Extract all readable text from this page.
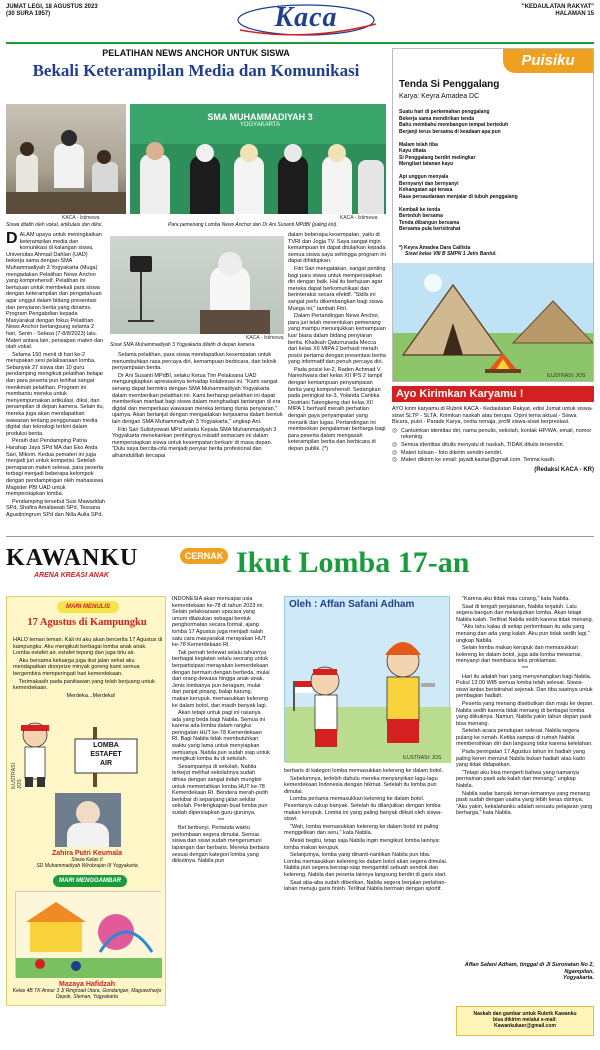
JUMAT LEGI, 18 AGUSTUS 2023
(30 SURA 1957)	Kaca	"KEDAULATAN RAKYAT"
HALAMAN 15
PELATIHAN NEWS ANCHOR UNTUK SISWA
Bekali Keterampilan Media dan Komunikasi
KACA - Istimewa
Siswa dilatih oleh vokal, artikulasi dan diksi.
SMA MUHAMMADIYAH 3
YOGYAKARTA
KACA - Istimewa
Para pemenang Lomba News Anchor dan Dr Ani Susanti MPdBI (paling kiri).
KACA - Istimewa
Siswi SMA Muhammadiyah 3 Yogyakarta dilatih di depan kamera.

DALAM upaya untuk meningkatkan keterampilan media dan komunikasi di kalangan siswa, Universitas Ahmad Dahlan (UAD) bekerja sama dengan SMA Muhammadiyah 3 Yogyakarta (Muga) mengadakan Pelatihan News Anchor yang komprehensif. Pelatihan ini bertujuan untuk membekali para siswa dengan keterampilan dan pengetahuan agar unggul dalam bidang presentasi dan penyiaran berita yang dinamis. Program Pengabdian kepada Masyarakat dengan fokus Pelatihan News Anchor berlangsung selama 2 hari, Senin - Selasa (7-8/8/2023) lalu. Materi antara lain, persiapan materi dan olah vokal.

Selama 150 menit di hari ke-2 merupakan sesi pelaksanaan lomba. Sebanyak 27 siswa dan 10 guru pendamping mengikuti pelatihan belajar dan para peserta pun terlihat sangat menikmati pelatihan. Program ini membantu mereka untuk menyempurnakan artikulasi, diksi, dan penampilan di depan kamera. Selain itu, mereka juga akan mendapatkan wawasan tentang penggunaan media digital dan teknologi terkini dalam produksi berita.

Peraih dari Pendamping Patria Harahap Jaya SPd MA dan Eko Anda Sari, Mikom. Kedua pemateri ini juga menjadi juri untuk kompetisi. Setelah pemaparan materi selesai, para peserta terbagi menjadi beberapa kelompok dengan pendampingan oleh mahasiswa Magister PBI UAD untuk mempersiapkan lomba.

Pendamping tersebut Susi Mawaddah SPd, Shafira Amaliawati SPd, Tessana Agustiningrum SPd dan Nilla Aulia SPd.

Selama pelatihan, para siswa mendapatkan kesempatan untuk menumbuhkan rasa percaya diri, kemampuan berbicara, dan teknik penyampaian berita.

Dr Ani Susanti MPdBI, selaku Ketua Tim Pelaksana UAD mengungkapkan apresiasinya terhadap kolaborasi ini. "Kami sangat senang dapat bermitra dengan SMA Muhammadiyah Yogyakarta dalam memberikan pelatihan ini. Kami berharap pelatihan ini dapat memberikan manfaat bagi siswa dalam menghadapi tantangan di era digital dan memperluas wawasan mereka tentang dunia penyiaran," ujarnya. Akan berlanjut dengan mengadakan kerjasama dalam bentuk lain dengan SMA Muhammadiyah 3 Yogyakarta," ungkap Ani.

Fitri Sari Sulistyowati MPd selaku Kepala SMA Muhammadiyah 3 Yogyakarta menekankan pentingnya inisiatif semacam ini dalam mempersiapkan siswa untuk kesempatan berkarir di masa depan. "Dulu saya bercita-cita menjadi penyiar berita profesional dan alhamdulillah tercapai

dalam beberapa kesempatan, yaitu di TVRI dan Jogja TV. Saya sangat ingin kemampuan ini dapat ditularkan kepada semua siswa saya sehingga program ini dapat dihidupkan.

Fitri Sari mengatakan, sangat penting bagi para siswa untuk mempersiapkan diri dengan baik. Hal itu bertujuan agar mereka dapat berkomunikasi dan berinteraksi secara efektif. "Skills ini sangat perlu dikembangkan bagi siswa Muega ini," tambah Fitri.

Dalam Pertandingan News Anchor, para juri telah menentukan pemenang yang mampu menunjukkan kemampuan luar biasa dalam bidang penyiaran berita. Khalisah Qaturrunada Mecca dari kelas XII MIPA 2 berhasil meraih posisi pertama dengan presentasi berita yang informatif dan penuh percaya diri.

Pada posisi ke-2, Raden Achmad V Nareshwara dari kelas XII IPS 2 tampil dengan kemampuan penyampaian berita yang komprehensif. Sedangkan pada peringkat ke-3, Yolanda Cantika Destriani Tatengkeng dari kelas XII MIPA 1 berhasil meraih perhatian dengan gaya penyampaian yang menarik dan lugas. Pertandingan ini memberikan pengalaman berharga bagi para peserta dalam mengasah keterampilan berita dan berbicara di depan publik. (*)

Puisiku
Tenda Si Penggalang
Karya: Keyra Amadea DC
Suatu hari di perkemahan penggalang
Bekerja sama mendirikan tenda
Bahu membahu membangun tempat berteduh
Berjanji terus bersama di keadaan apa pun
Malam telah tiba
Kayu ditata
Si Penggalang berdiri melingkar
Mengitari tatanan kayu
Api unggun menyala
Bernyanyi dan bernyanyi
Kehangatan api terasa
Rasa persaudaraan menjalar di tubuh penggalang
Kembali ke tenda
Berteduh bersama
Tenda dibangun bersama
Bersama pula beristirahat
*) Keyra Amadea Dara Callista
Siswi kelas VIII B SMPN 1 Jetis Bantul.
ILUSTRASI: JOS
Ayo Kirimkan Karyamu !
AYO kirim karyamu di Rubrik KACA - Kedaulatan Rakyat, edisi Jumat untuk siswa-siswi SLTP - SLTA. Kirimkan naskah atau berupa: Opini tema aktual - Siswa Bicara, puisi - Parade Karya, cerita remaja, profil siswa-siswi berprestasi.
◎ Cantumkan identitas diri, nama penulis, sekolah, kontak HP/WA, email, nomor rekening.
◎ Semua identitas ditulis menyatu di naskah, TIDAK ditulis tersendiri.
◎ Materi tulisan - foto dikirim sendiri-sendiri.
◎ Materi dikirim ke email: jayadi.kastar@gmail.com. Terima kasih.
(Redaksi KACA - KR)
KAWANKU
ARENA KREASI ANAK
CERNAK Ikut Lomba 17-an
MARI MENULIS
17 Agustus di Kampungku

HALO teman teman. Kali ini aku akan bercerita 17 Agustus di kampungku. Aku mengikuti berbagai lomba anak anak. Lomba estafet air, estafet tepung dan juga tiriu air.

Aku bersama keluarga juga ikut jalan sehat aku mendapatkan doorprize minyak goreng kami semua bergembira memperingati hari kemerdekaan.

Terimakasih pada panitiawan yang telah berjuang untuk kemerdekaan.

Merdeka...Merdeka!

LOMBA
ESTAFET
AIR
ILUSTRASI: JOS
Zahira Putri Keumala
Siswa Kelas II
SD Muhammadiyah Wirobrajan III Yogyakarta
MARI MENGGAMBAR
Mazaya Hafidzah
Kelas 4B TK Annur 3 Jl Ringroad Utara, Gondangan, Maguwoharjo
Depok, Sleman, Yogyakarta

INDONESIA akan mencapai usia kemerdekaan ke-78 di tahun 2023 ini. Selain pelaksanaan upacara yang umum dilakukan sebagai bentuk penghormatan secara formal, ajang lomba 17 Agustus juga menjadi salah satu cara masyarakat merayakan HUT ke-78 Kemerdekaan RI.

Tak pernah terlewat selalu tahunnya berbagai kegiatan selalu seorang untuk berpartisipasi merayakan kemerdekaan dengan bermain dengan berbeda, mulai dari orang dewasa hingga anak-anak. Jenis lombanya pun beragam, mulai dari panjat pinang, balap karung, makan kerupuk, memasukkan kelereng ke dalam botol, dan masih banyak lagi.

Akan tetapi untuk pagi ini rasanya ada yang beda bagi Nabila. Semua ini karena ada lomba dalam rangka peringatan HUT ke-78 Kemerdekaan RI. Bagi Nabila tidak membutuhkan waktu yang lama untuk menyiapkan semuanya. Nabila pun sudah siap untuk mengikuti lomba itu di sekolah.

Sesampainya di sekolah, Nabila terkejut melihat sekolahnya sudah dihias dengan sangat indah mungkin untuk memeriahkan lomba HUT ke-78 Kemerdekaan RI. Bendera merah-putih berkibar di sepanjang jalan sekitar sekolah. Perlengkapan buat lomba pun sudah dipersiapkan guru-gurunya.

***

Bel berbunyi. Pertanda waktu perlombaan segera dimulai. Semua siswa dan siswi sudah mengerumuni lapangan dan berbaris. Mereka berbaris sesuai dengan kategori lomba yang diikutinya. Nabila pun

Oleh : Affan Safani Adham
ILUSTRASI: JOS

berbaris di kategori lomba memasukkan kelereng ke dalam botol.

Sebelumnya, terlebih dahulu mereka menyanyikan lagu-lagu kemerdekaan Indonesia dengan hikmat. Setelah itu lomba pun dimulai.

Lomba pertama memasukkan kelereng ke dalam botol. Pesertanya cukup banyak. Setelah itu dilanjutkan dengan lomba makan kerupuk. Lomba ini yang paling banyak diikuti oleh siswa-siswi.

"Wah, lomba memasukkan kelereng ke dalam botol ini paling menggelikan dan seru," kata Nabila.

Meski begitu, tetap saja Nabila ingin mengikuti lomba lainnya: lomba makan kerupuk.

Selanjutnya, lomba yang dinanti-nantikan Nabila pun tiba. Lomba memasukkan kelereng ke dalam botol akan segera dimulai. Nabila pun segera bersiap-siap mengambil sebuah sendok dan kelereng. Nabila dan peserta lainnya langsung berdiri di garis start.

Saat aba-aba sudah diberikan, Nabila segera berjalan perlahan-lahan menuju garis finish. Terlihat Nabila bermain dengan sportif.

"Karena aku tidak mau curang," kata Nabila.

Saat di tengah perjalanan, Nabila terjatuh. Lalu segera bangun dan melanjutkan lomba. Akan tetapi Nabila kalah. Terlihat Nabila sedih karena tidak menang.

"Aku tahu kalau di setiap perlombaan itu ada yang menang dan ada yang kalah. Aku pun tidak sedih lagi," ungkap Nabila.

Selain lomba makan kerupuk dan memasukkan kelereng ke dalam botol, juga ada lomba mewarnai, menyanyi dan membaca teks proklamasi.

***

Hari itu adalah hari yang menyenangkan bagi Nabila. Pukul 13.00 WIB semua lomba telah selesai. Siswa-siswi lantas beristirahat sejenak. Dan tiba saatnya untuk pembagian hadiah.

Peserta yang menang disebutkan dan maju ke depan. Nabila sedih karena tidak menang di berbagai lomba yang diikutinya. Namun, Nabila yakin tahun depan pasti bisa menang.

Setelah acara penutupan selesai, Nabila segera pulang ke rumah. Ketika sampai di rumah Nabila membersihkan diri dan langsung tidur karena kelelahan.

Pada peringatan 17 Agustus tahun ini hadiah yang paling keren menurut Nabila bukan hadiah atau kado yang tidak didapatkan.

"Tetapi aku bisa mengerti bahwa yang namanya permainan pasti ada kalah dan menang," ungkap Nabila.

Nabila sadar banyak teman-temannya yang menang pasti sudah dengan usaha yang lebih keras darinya. "Aku yakin, kekalahanku adalah sesuatu pelajaran yang berharga," kata Nabila.

Affan Safani Adham, tinggal di Jl Suronatan No 2, Ngampilan,
Yogyakarta.
Naskah dan gambar untuk Rubrik Kawanku
bisa dikirim melalui e-mail:
Kawankukaer@gmail.com
